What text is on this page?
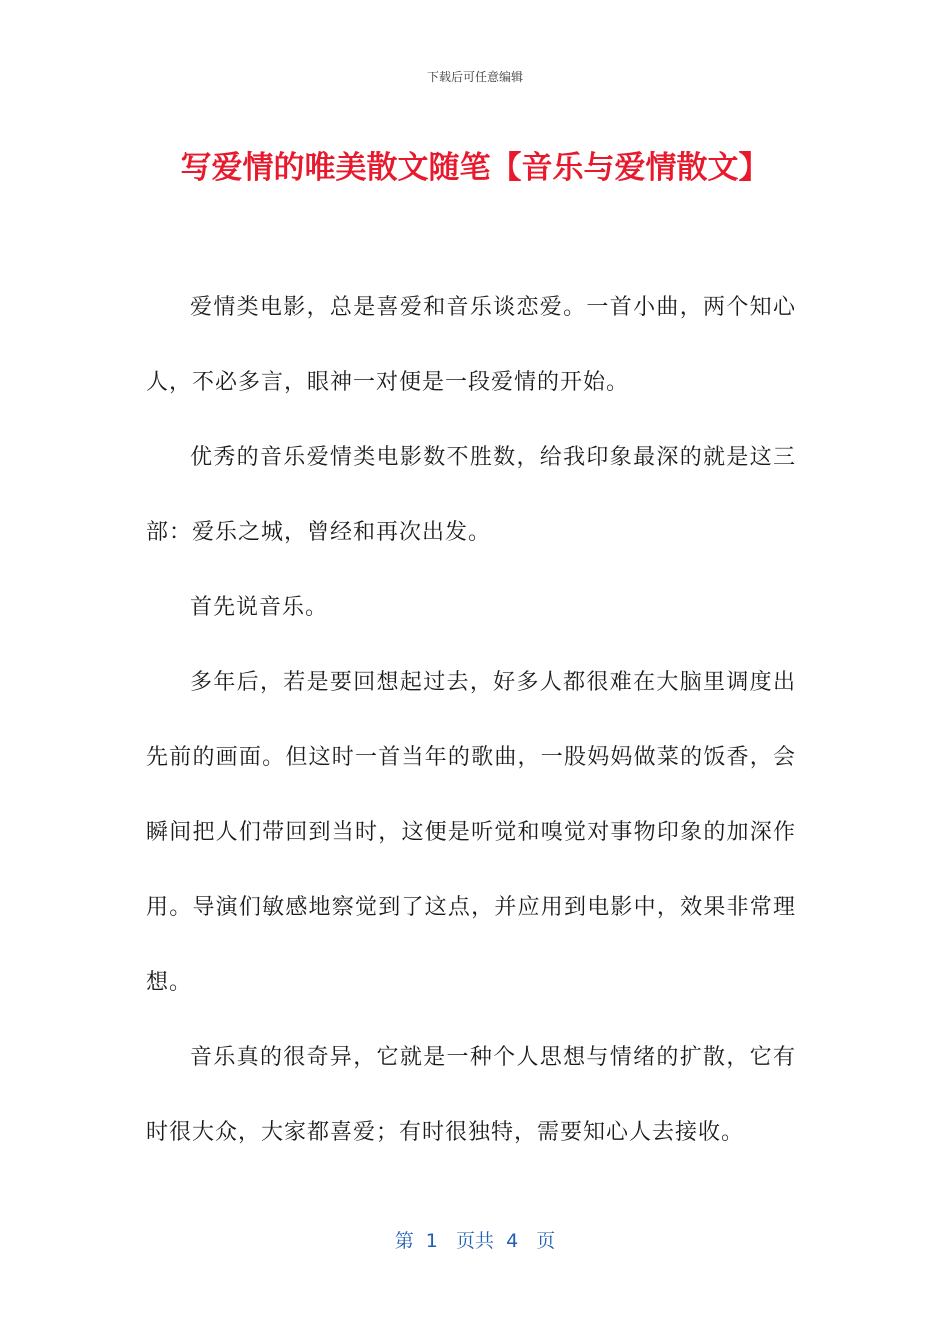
下载后可任意编辑
写爱情的唯美散文随笔【音乐与爱情散文】

爱情类电影，总是喜爱和音乐谈恋爱。一首小曲，两个知心人，不必多言，眼神一对便是一段爱情的开始。

优秀的音乐爱情类电影数不胜数，给我印象最深的就是这三部：爱乐之城，曾经和再次出发。

首先说音乐。

多年后，若是要回想起过去，好多人都很难在大脑里调度出先前的画面。但这时一首当年的歌曲，一股妈妈做菜的饭香，会瞬间把人们带回到当时，这便是听觉和嗅觉对事物印象的加深作用。导演们敏感地察觉到了这点，并应用到电影中，效果非常理想。

音乐真的很奇异，它就是一种个人思想与情绪的扩散，它有时很大众，大家都喜爱；有时很独特，需要知心人去接收。

第  1   页共  4   页
